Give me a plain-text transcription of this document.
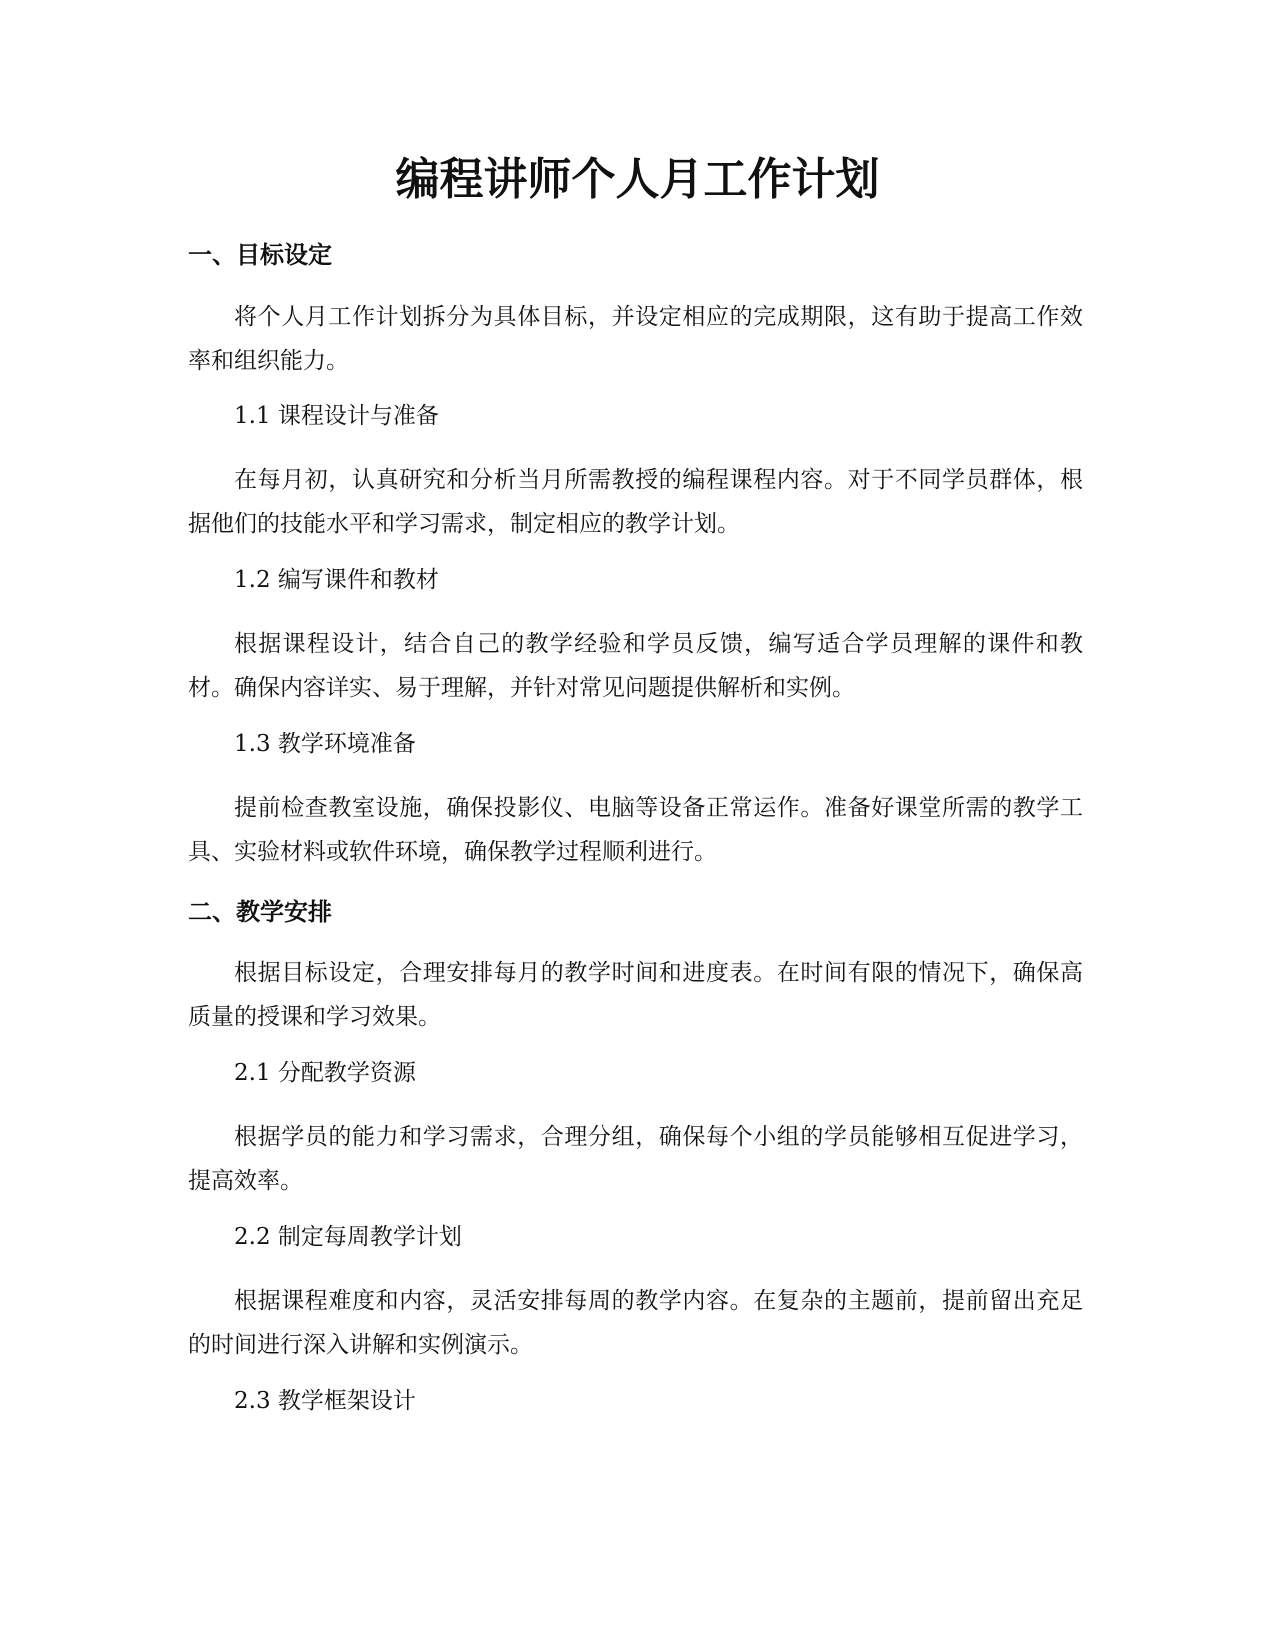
编程讲师个人月工作计划
一、目标设定

将个人月工作计划拆分为具体目标，并设定相应的完成期限，这有助于提高工作效率和组织能力。

1.1 课程设计与准备

在每月初，认真研究和分析当月所需教授的编程课程内容。对于不同学员群体，根据他们的技能水平和学习需求，制定相应的教学计划。

1.2 编写课件和教材

根据课程设计，结合自己的教学经验和学员反馈，编写适合学员理解的课件和教材。确保内容详实、易于理解，并针对常见问题提供解析和实例。

1.3 教学环境准备

提前检查教室设施，确保投影仪、电脑等设备正常运作。准备好课堂所需的教学工具、实验材料或软件环境，确保教学过程顺利进行。

二、教学安排

根据目标设定，合理安排每月的教学时间和进度表。在时间有限的情况下，确保高质量的授课和学习效果。

2.1 分配教学资源

根据学员的能力和学习需求，合理分组，确保每个小组的学员能够相互促进学习，提高效率。

2.2 制定每周教学计划

根据课程难度和内容，灵活安排每周的教学内容。在复杂的主题前，提前留出充足的时间进行深入讲解和实例演示。

2.3 教学框架设计
